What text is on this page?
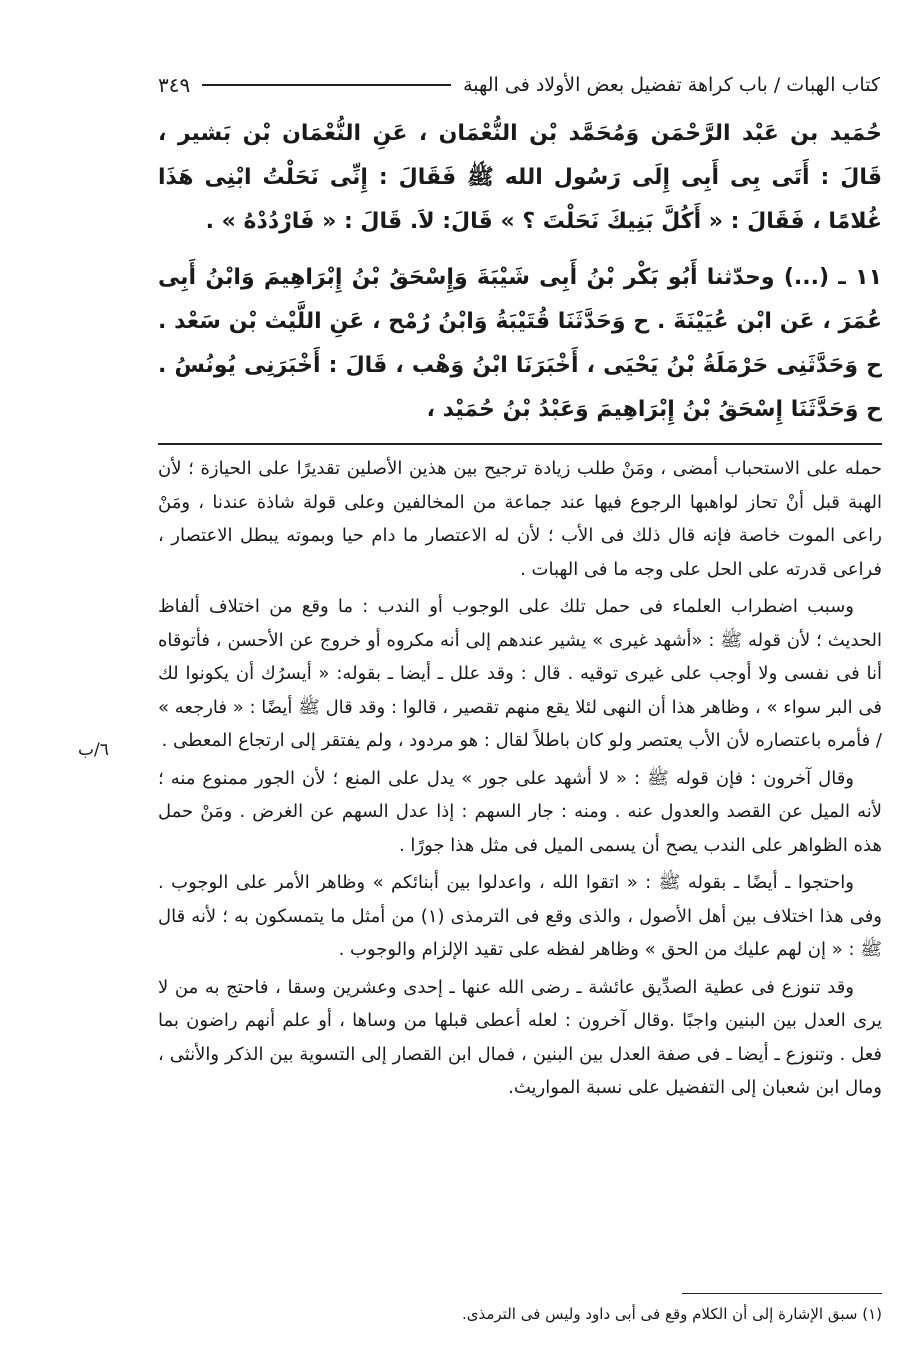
كتاب الهبات / باب كراهة تفضيل بعض الأولاد فى الهبة
٣٤٩

حُمَيد بن عَبْد الرَّحْمَن وَمُحَمَّد بْن النُّعْمَان ، عَنِ النُّعْمَان بْن بَشير ، قَالَ : أَتَى بِى أَبِى إِلَى رَسُول الله ﷺ فَقَالَ : إِنِّى نَحَلْتُ ابْنِى هَذَا غُلامًا ، فَقَالَ : « أَكُلَّ بَنِيكَ نَحَلْتَ ؟ » قَالَ: لاَ. قَالَ : « فَارْدُدْهُ » .

١١ ـ (...) وحدّثنا أَبُو بَكْر بْنُ أَبِى شَيْبَةَ وَإِسْحَقُ بْنُ إِبْرَاهِيمَ وَابْنُ أَبِى عُمَرَ ، عَن ابْن عُيَيْنَةَ . ح وَحَدَّثَنَا قُتَيْبَةُ وَابْنُ رُمْح ، عَنِ اللَّيْث بْن سَعْد . ح وَحَدَّثَنِى حَرْمَلَةُ بْنُ يَحْيَى ، أَخْبَرَنَا ابْنُ وَهْب ، قَالَ : أَخْبَرَنِى يُونُسُ . ح وَحَدَّثَنَا إِسْحَقُ بْنُ إِبْرَاهِيمَ وَعَبْدُ بْنُ حُمَيْد ،

حمله على الاستحباب أمضى ، ومَنْ طلب زيادة ترجيح بين هذين الأصلين تقديرًا على الحيازة ؛ لأن الهبة قبل أنْ تحاز لواهبها الرجوع فيها عند جماعة من المخالفين وعلى قولة شاذة عندنا ، ومَنْ راعى الموت خاصة فإنه قال ذلك فى الأب ؛ لأن له الاعتصار ما دام حيا وبموته يبطل الاعتصار ، فراعى قدرته على الحل على وجه ما فى الهبات .

وسبب اضطراب العلماء فى حمل تلك على الوجوب أو الندب : ما وقع من اختلاف ألفاظ الحديث ؛ لأن قوله ﷺ : «أشهد غيرى » يشير عندهم إلى أنه مكروه أو خروج عن الأحسن ، فأتوقاه أنا فى نفسى ولا أوجب على غيرى توقيه . قال : وقد علل ـ أيضا ـ بقوله: « أيسرُك أن يكونوا لك فى البر سواء » ، وظاهر هذا أن النهى لئلا يقع منهم تقصير ، قالوا : وقد قال ﷺ أيضًا : « فارجعه » / فأمره باعتصاره لأن الأب يعتصر ولو كان باطلاً لقال : هو مردود ، ولم يفتقر إلى ارتجاع المعطى .

وقال آخرون : فإن قوله ﷺ : « لا أشهد على جور » يدل على المنع ؛ لأن الجور ممنوع منه ؛ لأنه الميل عن القصد والعدول عنه . ومنه : جار السهم : إذا عدل السهم عن الغرض . ومَنْ حمل هذه الظواهر على الندب يصح أن يسمى الميل فى مثل هذا جورًا .

واحتجوا ـ أيضًا ـ بقوله ﷺ : « اتقوا الله ، واعدلوا بين أبنائكم » وظاهر الأمر على الوجوب . وفى هذا اختلاف بين أهل الأصول ، والذى وقع فى الترمذى (١) من أمثل ما يتمسكون به ؛ لأنه قال ﷺ : « إن لهم عليك من الحق » وظاهر لفظه على تقيد الإلزام والوجوب .

وقد تنوزع فى عطية الصدِّيق عائشة ـ رضى الله عنها ـ إحدى وعشرين وسقا ، فاحتج به من لا يرى العدل بين البنين واجبًا .وقال آخرون : لعله أعطى قبلها من وساها ، أو علم أنهم راضون بما فعل . وتنوزع ـ أيضا ـ فى صفة العدل بين البنين ، فمال ابن القصار إلى التسوية بين الذكر والأنثى ، ومال ابن شعبان إلى التفضيل على نسبة المواريث.

٦/ب
(١) سبق الإشارة إلى أن الكلام وقع فى أبى داود وليس فى الترمذى.
